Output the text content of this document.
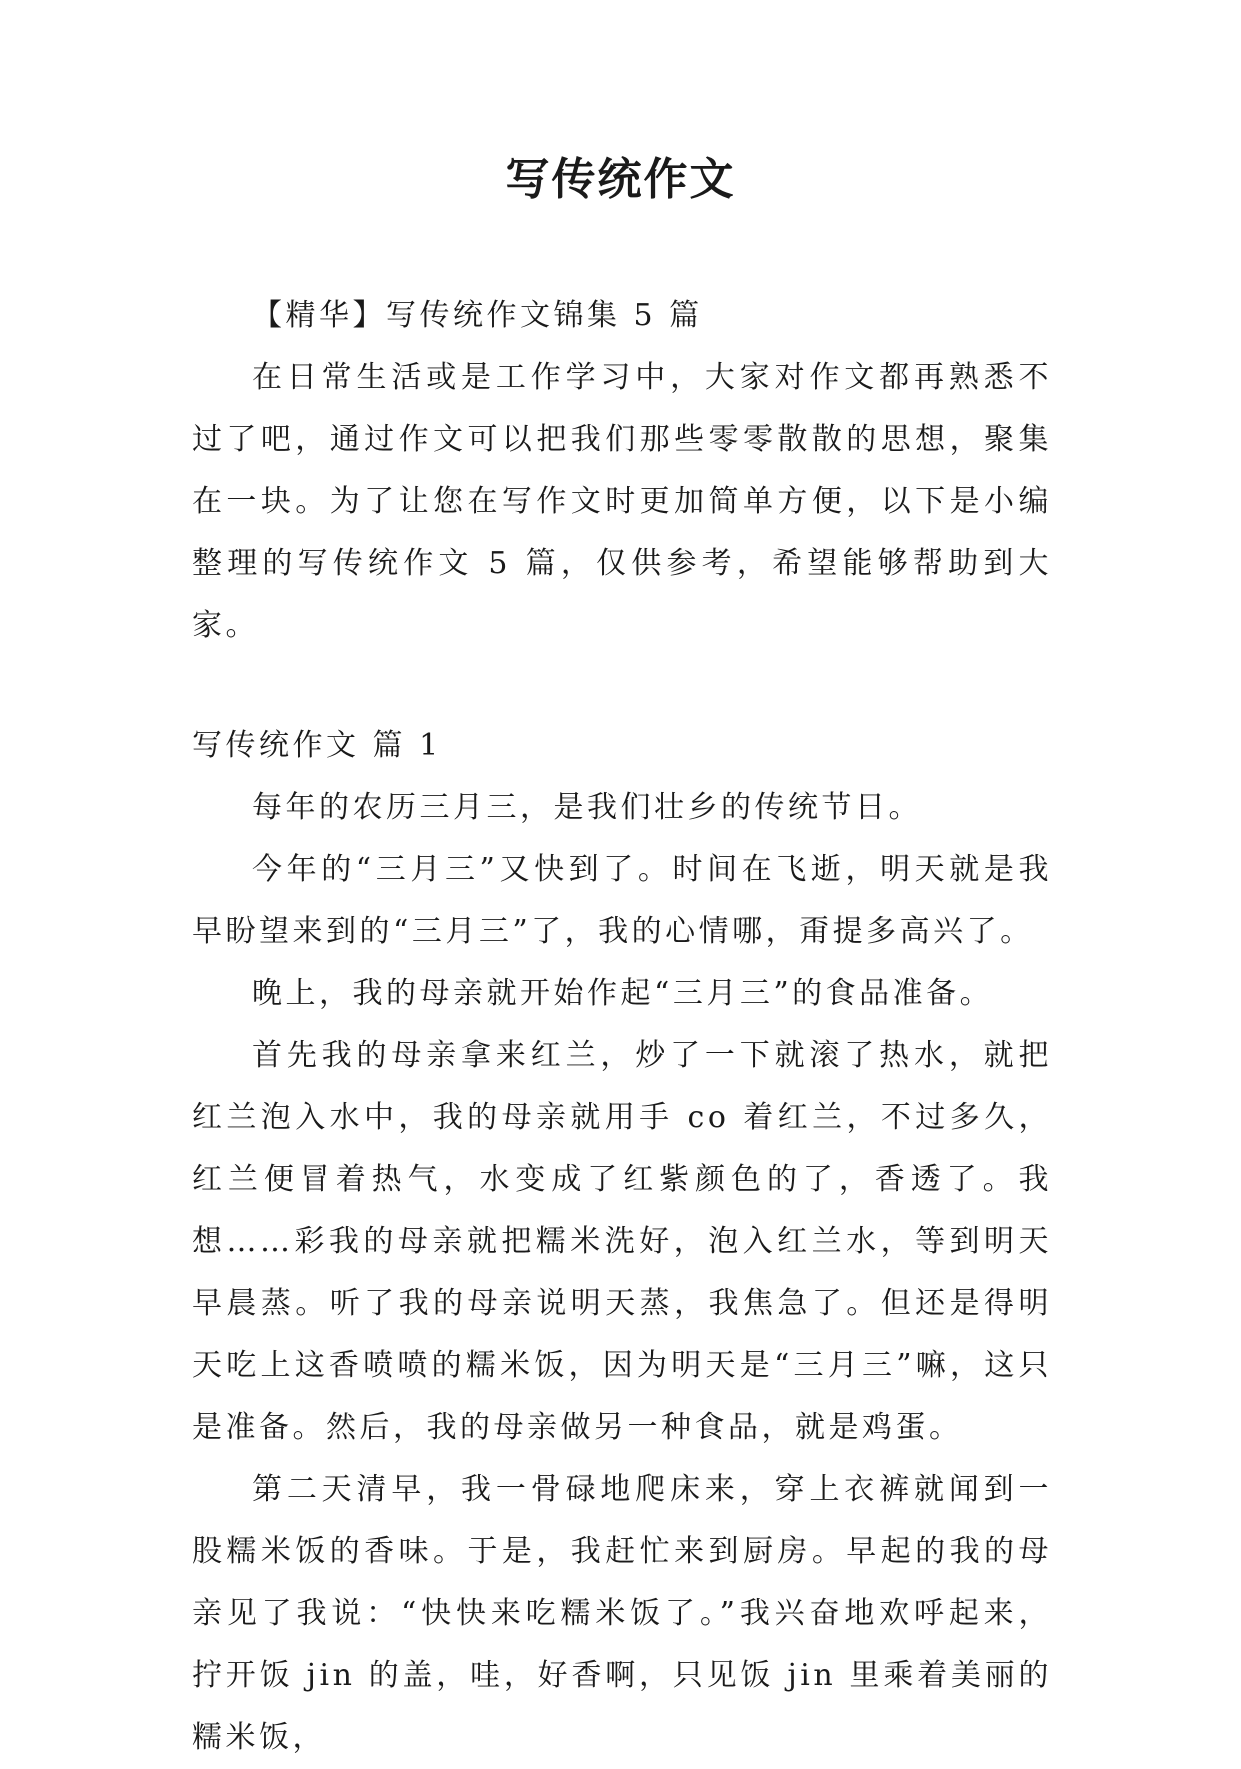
写传统作文

【精华】写传统作文锦集 5 篇

在日常生活或是工作学习中，大家对作文都再熟悉不过了吧，通过作文可以把我们那些零零散散的思想，聚集在一块。为了让您在写作文时更加简单方便，以下是小编整理的写传统作文 5 篇，仅供参考，希望能够帮助到大家。

写传统作文 篇 1

每年的农历三月三，是我们壮乡的传统节日。

今年的“三月三”又快到了。时间在飞逝，明天就是我早盼望来到的“三月三”了，我的心情哪，甭提多高兴了。

晚上，我的母亲就开始作起“三月三”的食品准备。

首先我的母亲拿来红兰，炒了一下就滚了热水，就把红兰泡入水中，我的母亲就用手 co 着红兰，不过多久，红兰便冒着热气，水变成了红紫颜色的了，香透了。我想……彩我的母亲就把糯米洗好，泡入红兰水，等到明天早晨蒸。听了我的母亲说明天蒸，我焦急了。但还是得明天吃上这香喷喷的糯米饭，因为明天是“三月三”嘛，这只是准备。然后，我的母亲做另一种食品，就是鸡蛋。

第二天清早，我一骨碌地爬床来，穿上衣裤就闻到一股糯米饭的香味。于是，我赶忙来到厨房。早起的我的母亲见了我说：“快快来吃糯米饭了。”我兴奋地欢呼起来，拧开饭 jin 的盖，哇，好香啊，只见饭 jin 里乘着美丽的糯米饭，
